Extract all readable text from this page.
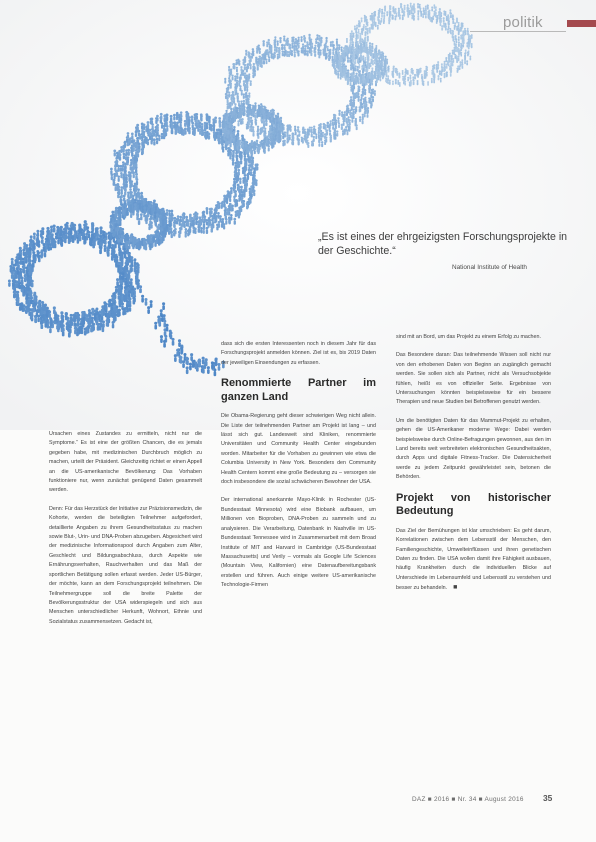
politik
„Es ist eines der ehrgeizigsten Forschungsprojekte in der Geschichte.“
National Institute of Health

Ursachen eines Zustandes zu ermitteln, nicht nur die Symptome.“ Es ist eine der größten Chancen, die es jemals gegeben habe, mit medizinischen Durchbruch möglich zu machen, urteilt der Präsident. Gleichzeitig richtet er einen Appell an die US-amerikanische Bevölkerung: Das Vorhaben funktioniere nur, wenn zunächst genügend Daten gesammelt werden.

Denn: Für das Herzstück der Initiative zur Präzisionsmedizin, die Kohorte, werden die beteiligten Teilnehmer aufgefordert, detaillierte Angaben zu ihrem Gesundheitsstatus zu machen sowie Blut-, Urin- und DNA-Proben abzugeben. Abgesichert wird der medizinische Informationspool durch Angaben zum Alter, Geschlecht und Bildungsabschluss, durch Aspekte wie Ernährungsverhalten, Rauchverhalten und das Maß der sportlichen Betätigung sollen erfasst werden. Jeder US-Bürger, der möchte, kann an dem Forschungsprojekt teilnehmen. Die Teilnehmergruppe soll die breite Palette der Bevölkerungsstruktur der USA widerspiegeln und sich aus Menschen unterschiedlicher Herkunft, Wohnort, Ethnie und Sozialstatus zusammensetzen. Gedacht ist,

dass sich die ersten Interessenten noch in diesem Jahr für das Forschungsprojekt anmelden können. Ziel ist es, bis 2019 Daten der jeweiligen Einsendungen zu erfassen.

Renommierte Partner im ganzen Land

Die Obama-Regierung geht dieser schwierigen Weg nicht allein. Die Liste der teilnehmenden Partner am Projekt ist lang – und lässt sich gut. Landesweit sind Kliniken, renommierte Universitäten und Community Health Center eingebunden worden. Mitarbeiter für die Vorhaben zu gewinnen wie etwa die Columbia University in New York. Besonders den Community Health Centern kommt eine große Bedeutung zu – versorgen sie doch insbesondere die sozial schwächeren Bewohner der USA.

Der international anerkannte Mayo-Klinik in Rochester (US-Bundesstaat Minnesota) wird eine Biobank aufbauen, um Millionen von Bioproben, DNA-Proben zu sammeln und zu analysieren. Die Verarbeitung, Datenbank in Nashville im US-Bundesstaat Tennessee wird in Zusammenarbeit mit dem Broad Institute of MIT and Harvard in Cambridge (US-Bundesstaat Massachusetts) und Verily – vormals als Google Life Sciences (Mountain View, Kalifornien) eine Datenaufbereitungsbank erstellen und führen. Auch einige weitere US-amerikanische Technologie-Firmen

sind mit an Bord, um das Projekt zu einem Erfolg zu machen.

Das Besondere daran: Das teilnehmende Wissen soll nicht nur von den erhobenen Daten von Beginn an zugänglich gemacht werden. Sie sollen sich als Partner, nicht als Versuchsobjekte fühlen, heißt es von offizieller Seite. Ergebnisse von Untersuchungen könnten beispielsweise für ein bessere Therapien und neue Studien bei Betroffenen genutzt werden.

Um die benötigten Daten für das Mammut-Projekt zu erhalten, gehen die US-Amerikaner moderne Wege: Dabei werden beispielsweise durch Online-Befragungen gewonnen, aus den im Land bereits weit verbreiteten elektronischen Gesundheitsakten, durch Apps und digitale Fitness-Tracker. Die Datensicherheit werde zu jedem Zeitpunkt gewährleistet sein, betonen die Behörden.

Projekt von historischer Bedeutung

Das Ziel der Bemühungen ist klar umschrieben: Es geht darum, Korrelationen zwischen dem Lebensstil der Menschen, den Familiengeschichte, Umwelteinflüssen und ihren genetischen Daten zu finden. Die USA wollen damit ihre Fähigkeit ausbauen, häufig Krankheiten durch die individuellen Blicke auf Unterschiede im Lebensumfeld und Lebensstil zu verstehen und besser zu behandeln. ■

DAZ ■ 2016 ■ Nr. 34 ■ August 2016 35
